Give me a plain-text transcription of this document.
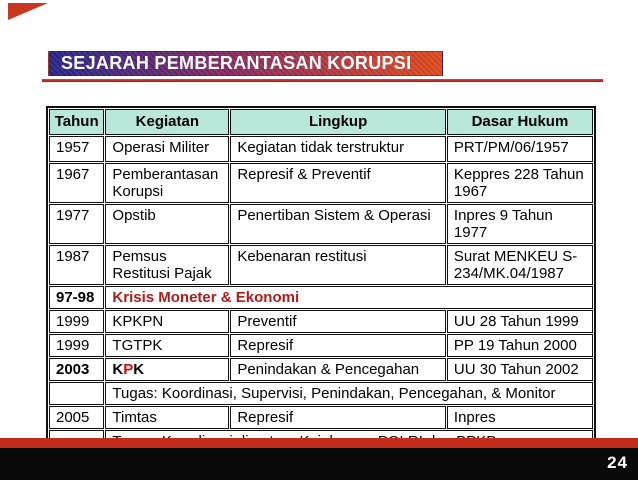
SEJARAH PEMBERANTASAN KORUPSI
Tahun	Kegiatan	Lingkup	Dasar Hukum
1957	Operasi Militer	Kegiatan tidak terstruktur	PRT/PM/06/1957
1967	Pemberantasan Korupsi	Represif & Preventif	Keppres 228 Tahun 1967
1977	Opstib	Penertiban Sistem & Operasi	Inpres 9 Tahun 1977
1987	Pemsus Restitusi Pajak	Kebenaran restitusi	Surat MENKEU S-234/MK.04/1987
97-98	Krisis Moneter & Ekonomi		
1999	KPKPN	Preventif	UU 28 Tahun 1999
1999	TGTPK	Represif	PP 19 Tahun 2000
2003	KPK	Penindakan & Pencegahan	UU 30 Tahun 2002
	Tugas: Koordinasi, Supervisi, Penindakan, Pencegahan, & Monitor		
2005	Timtas	Represif	Inpres

24
